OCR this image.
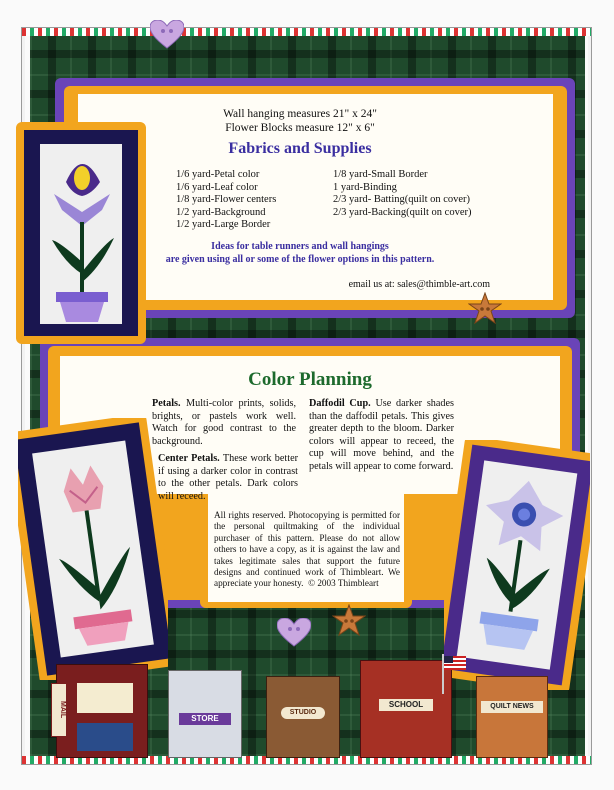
Wall hanging measures 21" x 24"
Flower Blocks measure 12" x 6"
Fabrics and Supplies
1/6 yard-Petal color
1/6 yard-Leaf color
1/8 yard-Flower centers
1/2 yard-Background
1/2 yard-Large Border
1/8 yard-Small Border
1 yard-Binding
2/3 yard- Batting(quilt on cover)
2/3 yard-Backing(quilt on cover)
Ideas for table runners and wall hangings
are given using all or some of the flower options in this pattern.
email us at: sales@thimble-art.com
Color Planning
Petals. Multi-color prints, solids, brights, or pastels work well. Watch for good contrast to the background.
Center Petals. These work better if using a darker color in contrast to the other petals. Dark colors will receed.
Daffodil Cup. Use darker shades than the daffodil petals. This gives greater depth to the bloom. Darker colors will appear to receed, the cup will move behind, and the petals will appear to come forward.
All rights reserved. Photocopying is permitted for the personal quiltmaking of the individual purchaser of this pattern. Please do not allow others to have a copy, as it is against the law and takes legitimate sales that support the future designs and continued work of Thimbleart. We appreciate your honesty. © 2003 Thimbleart
MAIL	STORE
STUDIO
SCHOOL	QUILT NEWS
